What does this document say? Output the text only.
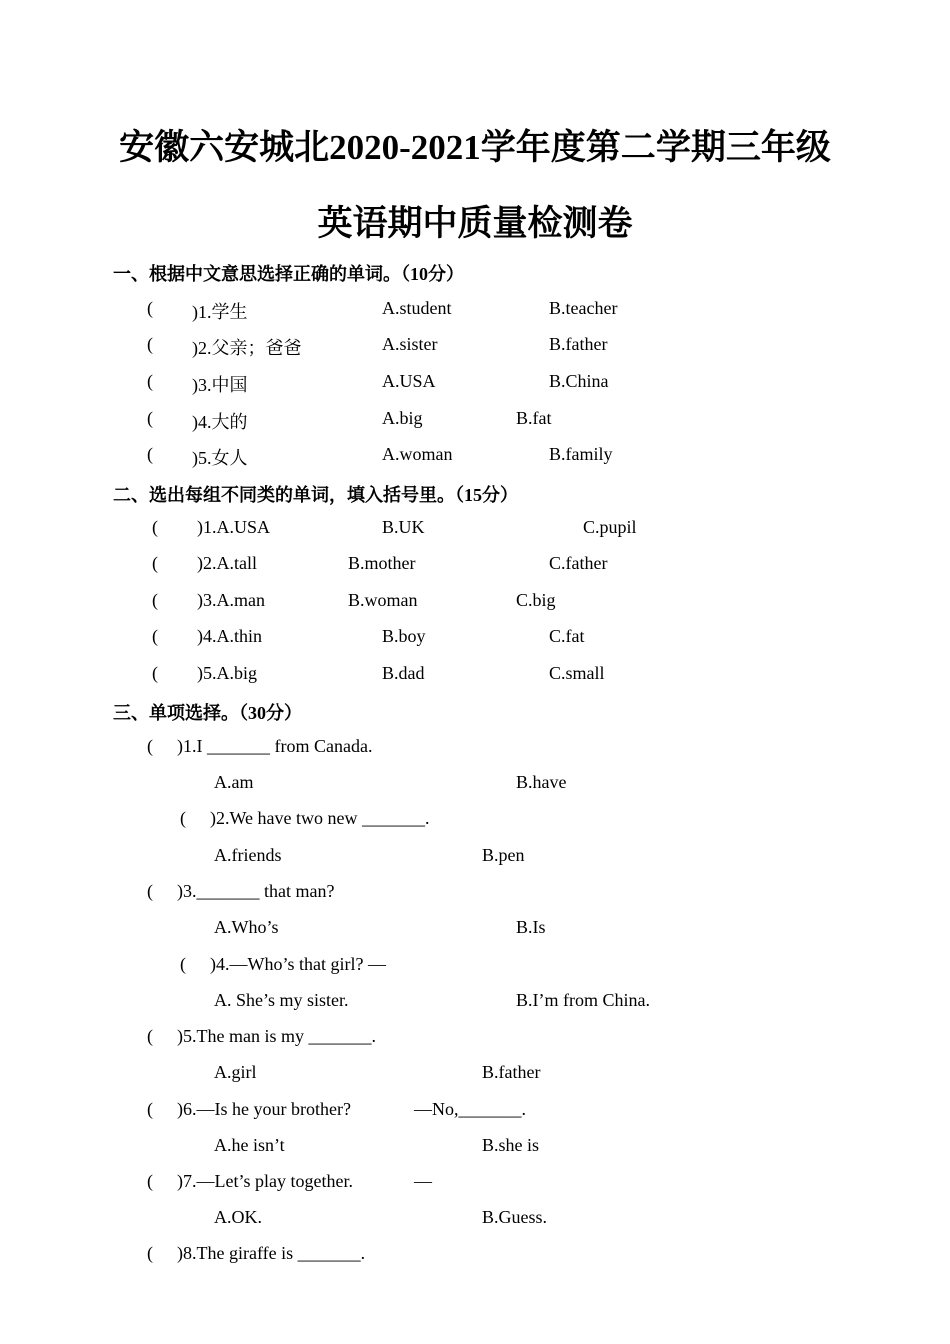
安徽六安城北2020-2021学年度第二学期三年级
英语期中质量检测卷
一、根据中文意思选择正确的单词。（10分）
( )1.学生	A.student	B.teacher
( )2.父亲；爸爸	A.sister	B.father
( )3.中国	A.USA	B.China
( )4.大的	A.big	B.fat
( )5.女人	A.woman	B.family
二、选出每组不同类的单词，填入括号里。（15分）
( )1.A.USA	B.UK	C.pupil
( )2.A.tall	B.mother	C.father
( )3.A.man	B.woman	C.big
( )4.A.thin	B.boy	C.fat
( )5.A.big	B.dad	C.small
三、单项选择。（30分）
( )1.I _______ from Canada.
A.am	B.have
( )2.We have two new _______.
A.friends	B.pen
( )3._______ that man?
A.Who’s	B.Is
( )4.—Who’s that girl? —
A. She’s my sister.	B.I’m from China.
( )5.The man is my _______.
A.girl	B.father
( )6.—Is he your brother?	—No,_______.
A.he isn’t	B.she is
( )7.—Let’s play together.	—
A.OK.	B.Guess.
( )8.The giraffe is _______.
